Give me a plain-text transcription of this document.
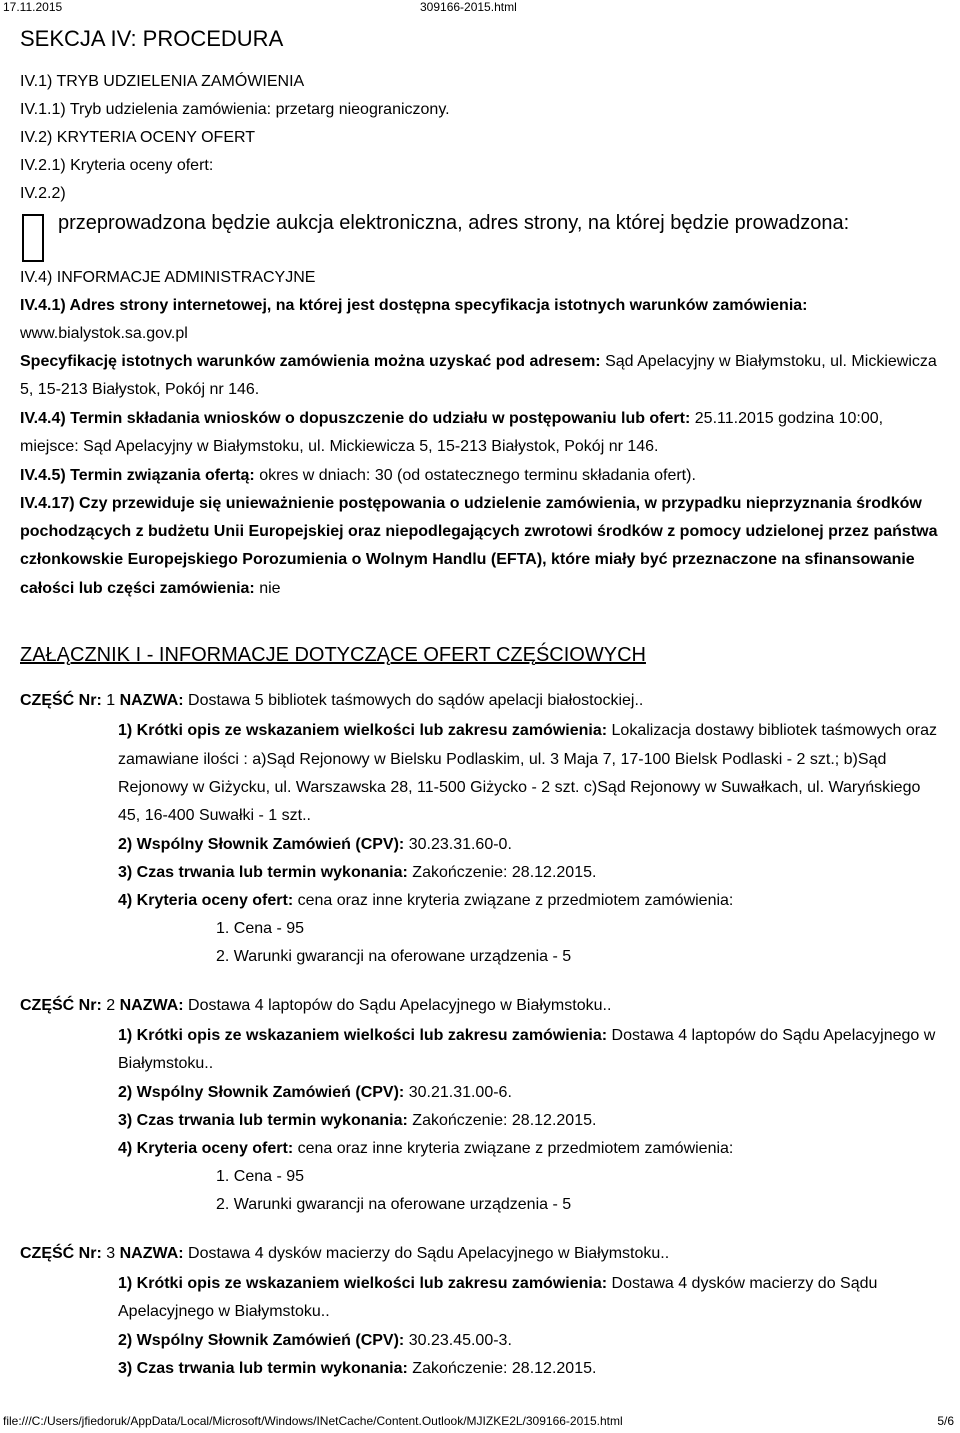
17.11.2015	309166-2015.html
SEKCJA IV: PROCEDURA
IV.1) TRYB UDZIELENIA ZAMÓWIENIA
IV.1.1) Tryb udzielenia zamówienia: przetarg nieograniczony.
IV.2) KRYTERIA OCENY OFERT
IV.2.1) Kryteria oceny ofert:
IV.2.2)
przeprowadzona będzie aukcja elektroniczna, adres strony, na której będzie prowadzona:
IV.4) INFORMACJE ADMINISTRACYJNE
IV.4.1) Adres strony internetowej, na której jest dostępna specyfikacja istotnych warunków zamówienia:
www.bialystok.sa.gov.pl
Specyfikację istotnych warunków zamówienia można uzyskać pod adresem: Sąd Apelacyjny w Białymstoku, ul. Mickiewicza 5, 15-213 Białystok, Pokój nr 146.
IV.4.4) Termin składania wniosków o dopuszczenie do udziału w postępowaniu lub ofert: 25.11.2015 godzina 10:00, miejsce: Sąd Apelacyjny w Białymstoku, ul. Mickiewicza 5, 15-213 Białystok, Pokój nr 146.
IV.4.5) Termin związania ofertą: okres w dniach: 30 (od ostatecznego terminu składania ofert).
IV.4.17) Czy przewiduje się unieważnienie postępowania o udzielenie zamówienia, w przypadku nieprzyznania środków pochodzących z budżetu Unii Europejskiej oraz niepodlegających zwrotowi środków z pomocy udzielonej przez państwa członkowskie Europejskiego Porozumienia o Wolnym Handlu (EFTA), które miały być przeznaczone na sfinansowanie całości lub części zamówienia: nie
ZAŁĄCZNIK I - INFORMACJE DOTYCZĄCE OFERT CZĘŚCIOWYCH
CZĘŚĆ Nr: 1 NAZWA: Dostawa 5 bibliotek taśmowych do sądów apelacji białostockiej..
1) Krótki opis ze wskazaniem wielkości lub zakresu zamówienia: Lokalizacja dostawy bibliotek taśmowych oraz zamawiane ilości : a)Sąd Rejonowy w Bielsku Podlaskim, ul. 3 Maja 7, 17-100 Bielsk Podlaski - 2 szt.; b)Sąd Rejonowy w Giżycku, ul. Warszawska 28, 11-500 Giżycko - 2 szt. c)Sąd Rejonowy w Suwałkach, ul. Waryńskiego 45, 16-400 Suwałki - 1 szt..
2) Wspólny Słownik Zamówień (CPV): 30.23.31.60-0.
3) Czas trwania lub termin wykonania: Zakończenie: 28.12.2015.
4) Kryteria oceny ofert: cena oraz inne kryteria związane z przedmiotem zamówienia:
1. Cena - 95
2. Warunki gwarancji na oferowane urządzenia - 5
CZĘŚĆ Nr: 2 NAZWA: Dostawa 4 laptopów do Sądu Apelacyjnego w Białymstoku..
1) Krótki opis ze wskazaniem wielkości lub zakresu zamówienia: Dostawa 4 laptopów do Sądu Apelacyjnego w Białymstoku..
2) Wspólny Słownik Zamówień (CPV): 30.21.31.00-6.
3) Czas trwania lub termin wykonania: Zakończenie: 28.12.2015.
4) Kryteria oceny ofert: cena oraz inne kryteria związane z przedmiotem zamówienia:
1. Cena - 95
2. Warunki gwarancji na oferowane urządzenia - 5
CZĘŚĆ Nr: 3 NAZWA: Dostawa 4 dysków macierzy do Sądu Apelacyjnego w Białymstoku..
1) Krótki opis ze wskazaniem wielkości lub zakresu zamówienia: Dostawa 4 dysków macierzy do Sądu Apelacyjnego w Białymstoku..
2) Wspólny Słownik Zamówień (CPV): 30.23.45.00-3.
3) Czas trwania lub termin wykonania: Zakończenie: 28.12.2015.
file:///C:/Users/jfiedoruk/AppData/Local/Microsoft/Windows/INetCache/Content.Outlook/MJIZKE2L/309166-2015.html	5/6
